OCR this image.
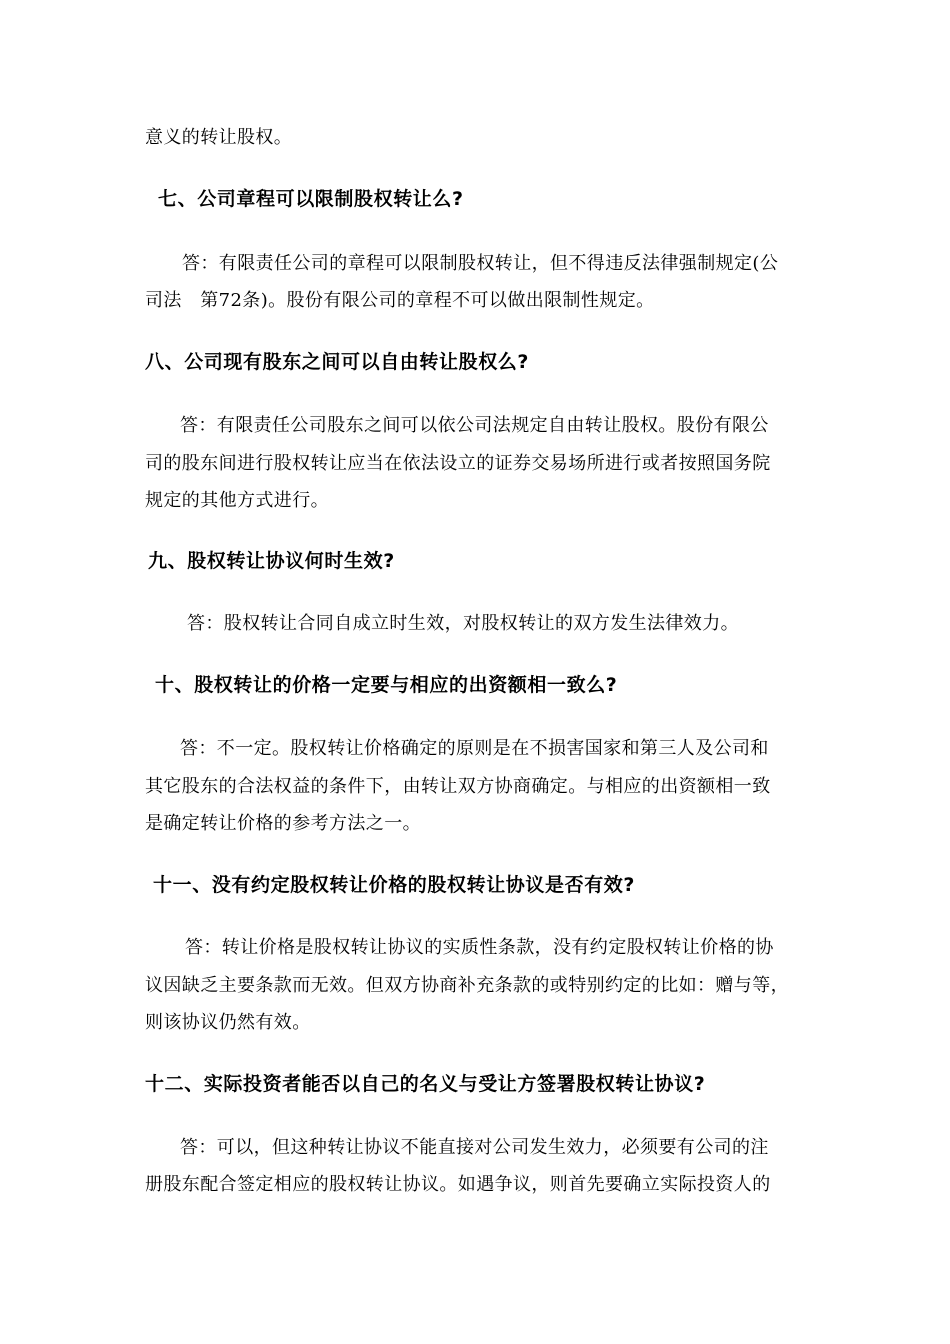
意义的转让股权。
七、公司章程可以限制股权转让么?
答：有限责任公司的章程可以限制股权转让，但不得违反法律强制规定(公
司法　第72条)。股份有限公司的章程不可以做出限制性规定。
八、公司现有股东之间可以自由转让股权么?
答：有限责任公司股东之间可以依公司法规定自由转让股权。股份有限公
司的股东间进行股权转让应当在依法设立的证券交易场所进行或者按照国务院
规定的其他方式进行。
九、股权转让协议何时生效?
答：股权转让合同自成立时生效，对股权转让的双方发生法律效力。
十、股权转让的价格一定要与相应的出资额相一致么?
答：不一定。股权转让价格确定的原则是在不损害国家和第三人及公司和
其它股东的合法权益的条件下，由转让双方协商确定。与相应的出资额相一致
是确定转让价格的参考方法之一。
十一、没有约定股权转让价格的股权转让协议是否有效?
答：转让价格是股权转让协议的实质性条款，没有约定股权转让价格的协
议因缺乏主要条款而无效。但双方协商补充条款的或特别约定的比如：赠与等，
则该协议仍然有效。
十二、实际投资者能否以自己的名义与受让方签署股权转让协议?
答：可以，但这种转让协议不能直接对公司发生效力，必须要有公司的注
册股东配合签定相应的股权转让协议。如遇争议，则首先要确立实际投资人的
